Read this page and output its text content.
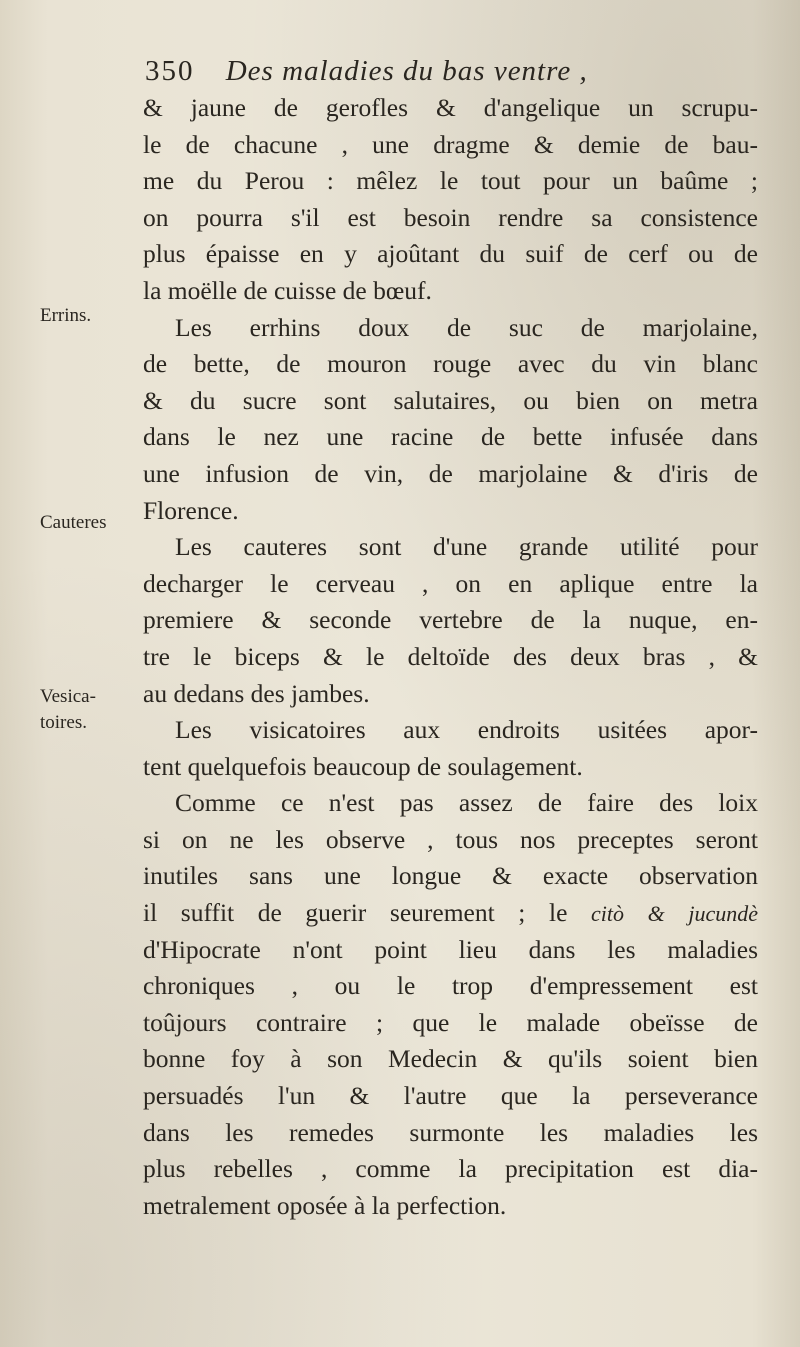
350 Des maladies du bas ventre ,
Errins.
Cauteres
Vesica-
toires.
& jaune de gerofles & d'angelique un scrupu-
le de chacune , une dragme & demie de bau-
me du Perou : mêlez le tout pour un baûme ;
on pourra s'il est besoin rendre sa consistence
plus épaisse en y ajoûtant du suif de cerf ou de
la moëlle de cuisse de bœuf.
Les errhins doux de suc de marjolaine,
de bette, de mouron rouge avec du vin blanc
& du sucre sont salutaires, ou bien on metra
dans le nez une racine de bette infusée dans
une infusion de vin, de marjolaine & d'iris de
Florence.
Les cauteres sont d'une grande utilité pour
decharger le cerveau , on en aplique entre la
premiere & seconde vertebre de la nuque, en-
tre le biceps & le deltoïde des deux bras , &
au dedans des jambes.
Les visicatoires aux endroits usitées apor-
tent quelquefois beaucoup de soulagement.
Comme ce n'est pas assez de faire des loix
si on ne les observe , tous nos preceptes seront
inutiles sans une longue & exacte observation
il suffit de guerir seurement ; le citò & jucundè
d'Hipocrate n'ont point lieu dans les maladies
chroniques , ou le trop d'empressement est
toûjours contraire ; que le malade obeïsse de
bonne foy à son Medecin & qu'ils soient bien
persuadés l'un & l'autre que la perseverance
dans les remedes surmonte les maladies les
plus rebelles , comme la precipitation est dia-
metralement oposée à la perfection.
